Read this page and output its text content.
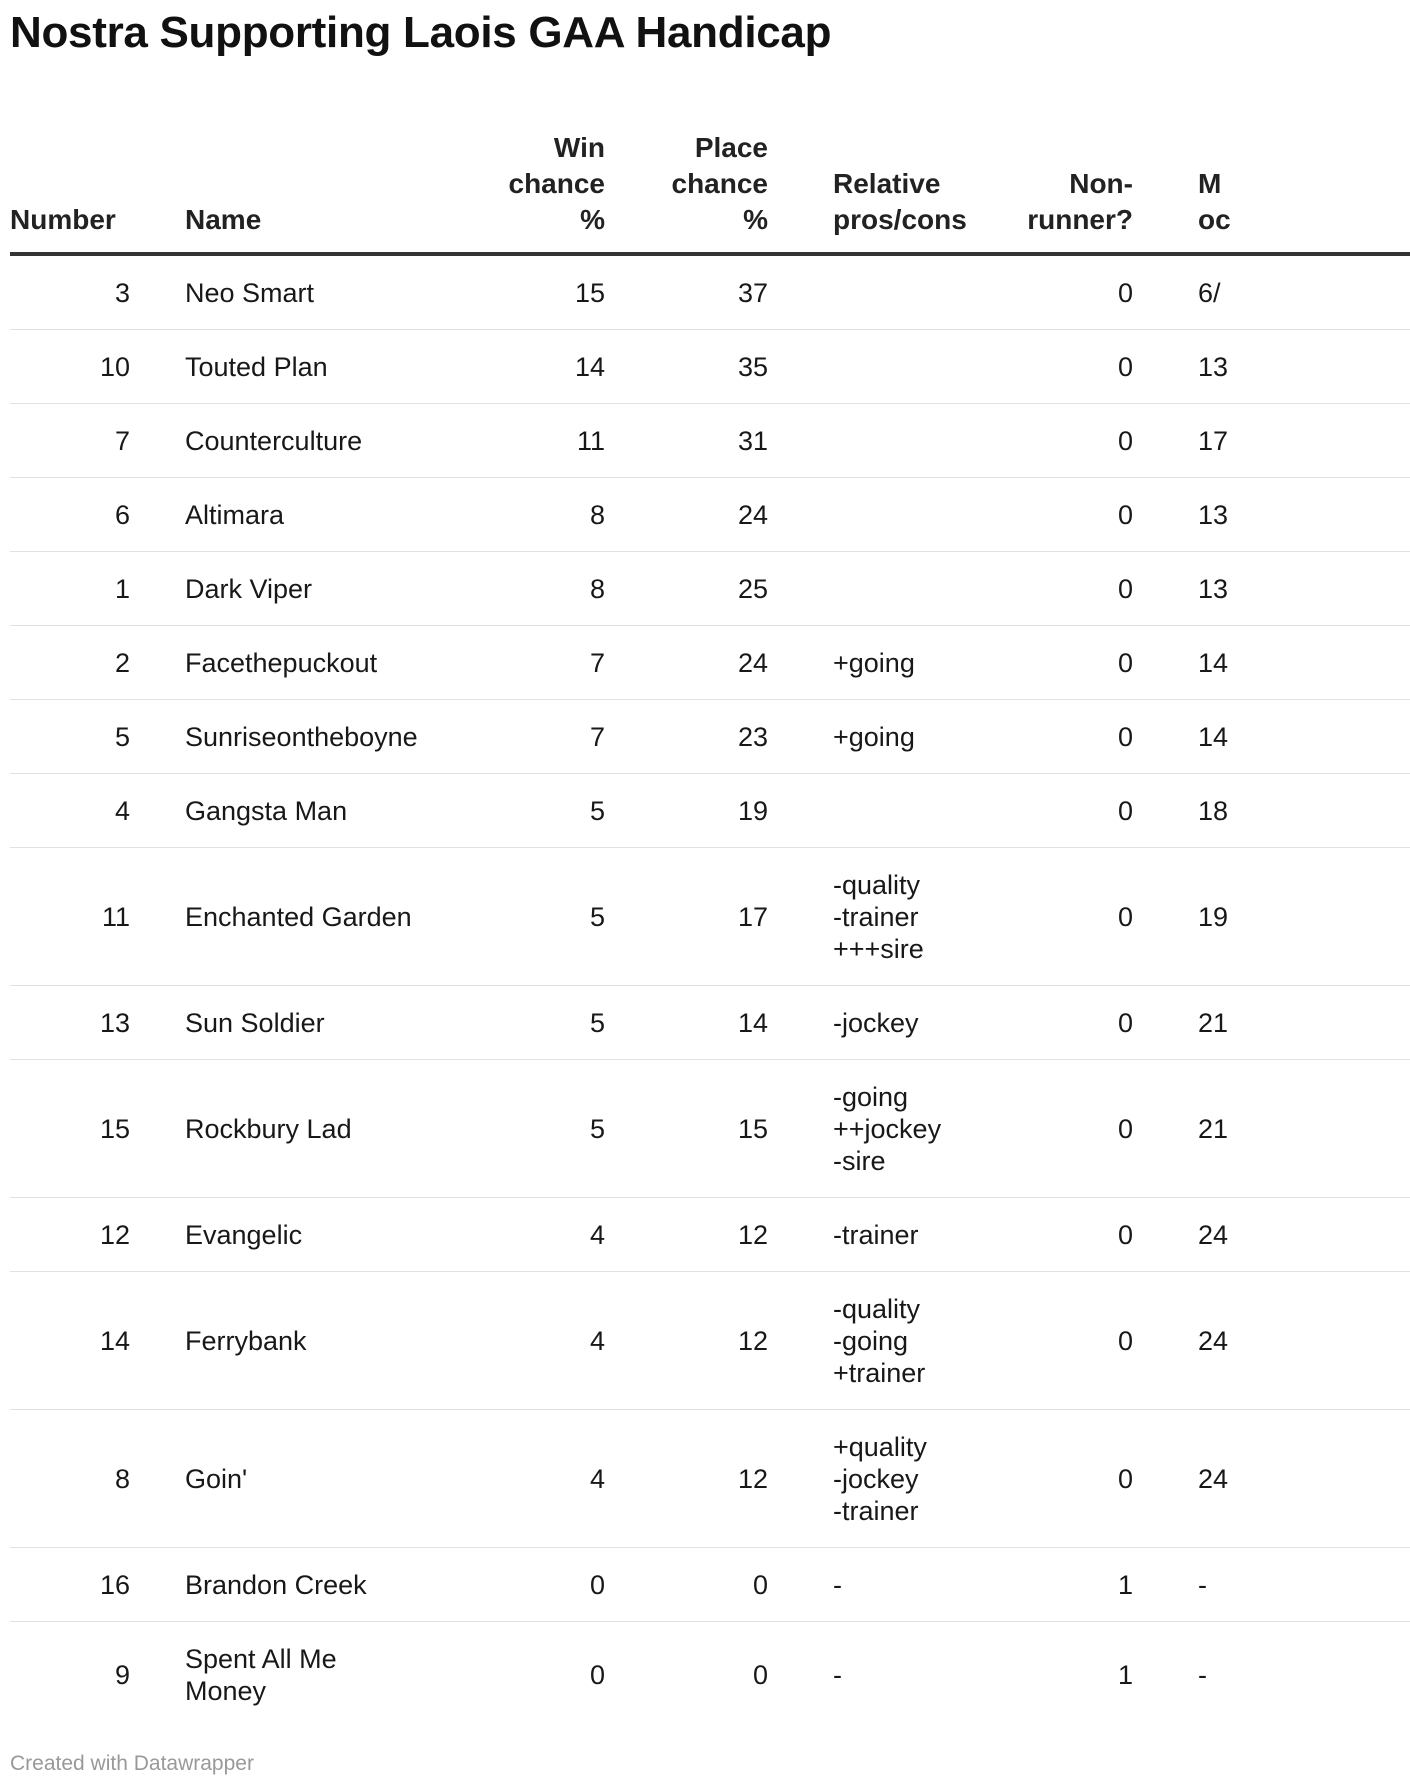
Nostra Supporting Laois GAA Handicap
Number	Name	Win
chance
%	Place
chance
%	Relative
pros/cons	Non-
runner?	M
oc

3	Neo Smart	15	37		0	6/
10	Touted Plan	14	35		0	13
7	Counterculture	11	31		0	17
6	Altimara	8	24		0	13
1	Dark Viper	8	25		0	13
2	Facethepuckout	7	24	+going	0	14
5	Sunriseontheboyne	7	23	+going	0	14
4	Gangsta Man	5	19		0	18
11	Enchanted Garden	5	17	-quality
-trainer
+++sire	0	19
13	Sun Soldier	5	14	-jockey	0	21
15	Rockbury Lad	5	15	-going
++jockey
-sire	0	21
12	Evangelic	4	12	-trainer	0	24
14	Ferrybank	4	12	-quality
-going
+trainer	0	24
8	Goin'	4	12	+quality
-jockey
-trainer	0	24
16	Brandon Creek	0	0	-	1	-
9	Spent All Me Money	0	0	-	1	-
Created with Datawrapper
